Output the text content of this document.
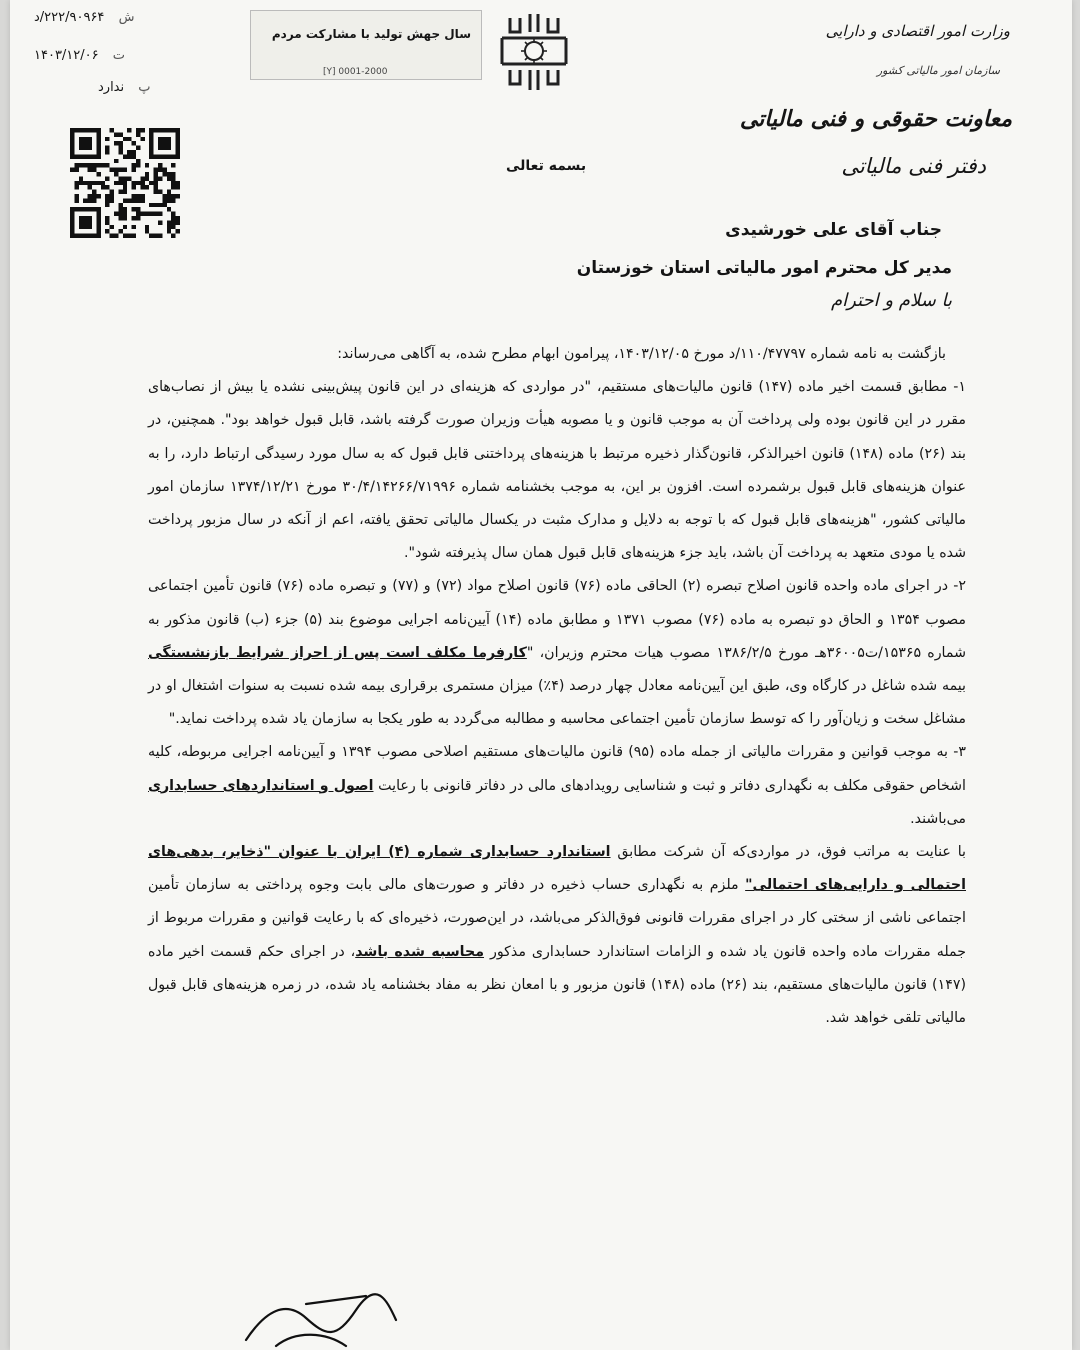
وزارت امور اقتصادی و دارایی
سازمان امور مالیاتی کشور
معاونت حقوقی و فنی مالیاتی
دفتر فنی مالیاتی
سال جهش تولید با مشارکت مردم
[Y] 0001-2000
ش ۲۲۲/۹۰۹۶۴/د
ت ۱۴۰۳/۱۲/۰۶
پ ندارد
بسمه تعالی
جناب آقای علی خورشیدی
مدیر کل محترم امور مالیاتی استان خوزستان
با سلام و احترام

بازگشت به نامه شماره ۱۱۰/۴۷۷۹۷/د مورخ ۱۴۰۳/۱۲/۰۵، پیرامون ابهام مطرح شده، به آگاهی می‌رساند:

۱- مطابق قسمت اخیر ماده (۱۴۷) قانون مالیات‌های مستقیم، "در مواردی که هزینه‌ای در این قانون پیش‌بینی نشده یا بیش از نصاب‌های مقرر در این قانون بوده ولی پرداخت آن به موجب قانون و یا مصوبه هیأت وزیران صورت گرفته باشد، قابل قبول خواهد بود". همچنین، در بند (۲۶) ماده (۱۴۸) قانون اخیرالذکر، قانون‌گذار ذخیره مرتبط با هزینه‌های پرداختنی قابل قبول که به سال مورد رسیدگی ارتباط دارد، را به عنوان هزینه‌های قابل قبول برشمرده است. افزون بر این، به موجب بخشنامه شماره ۳۰/۴/۱۴۲۶۶/۷۱۹۹۶ مورخ ۱۳۷۴/۱۲/۲۱ سازمان امور مالیاتی کشور، "هزینه‌های قابل قبول که با توجه به دلایل و مدارک مثبت در یکسال مالیاتی تحقق یافته، اعم از آنکه در سال مزبور پرداخت شده یا مودی متعهد به پرداخت آن باشد، باید جزء هزینه‌های قابل قبول همان سال پذیرفته شود".

۲- در اجرای ماده واحده قانون اصلاح تبصره (۲) الحاقی ماده (۷۶) قانون اصلاح مواد (۷۲) و (۷۷) و تبصره ماده (۷۶) قانون تأمین اجتماعی مصوب ۱۳۵۴ و الحاق دو تبصره به ماده (۷۶) مصوب ۱۳۷۱ و مطابق ماده (۱۴) آیین‌نامه اجرایی موضوع بند (۵) جزء (ب) قانون مذکور به شماره ۱۵۳۶۵/ت۳۶۰۰۵هـ مورخ ۱۳۸۶/۲/۵ مصوب هیات محترم وزیران، "کارفرما مکلف است پس از احراز شرایط بازنشستگی بیمه شده شاغل در کارگاه وی، طبق این آیین‌نامه معادل چهار درصد (۴٪) میزان مستمری برقراری بیمه شده نسبت به سنوات اشتغال او در مشاغل سخت و زیان‌آور را که توسط سازمان تأمین اجتماعی محاسبه و مطالبه می‌گردد به طور یکجا به سازمان یاد شده پرداخت نماید."

۳- به موجب قوانین و مقررات مالیاتی از جمله ماده (۹۵) قانون مالیات‌های مستقیم اصلاحی مصوب ۱۳۹۴ و آیین‌نامه اجرایی مربوطه، کلیه اشخاص حقوقی مکلف به نگهداری دفاتر و ثبت و شناسایی رویدادهای مالی در دفاتر قانونی با رعایت اصول و استانداردهای حسابداری می‌باشند.

با عنایت به مراتب فوق، در مواردی‌که آن شرکت مطابق استاندارد حسابداری شماره (۴) ایران با عنوان "ذخایر، بدهی‌های احتمالی و دارایی‌های احتمالی" ملزم به نگهداری حساب ذخیره در دفاتر و صورت‌های مالی بابت وجوه پرداختی به سازمان تأمین اجتماعی ناشی از سختی کار در اجرای مقررات قانونی فوق‌الذکر می‌باشد، در این‌صورت، ذخیره‌ای که با رعایت قوانین و مقررات مربوط از جمله مقررات ماده واحده قانون یاد شده و الزامات استاندارد حسابداری مذکور محاسبه شده باشد، در اجرای حکم قسمت اخیر ماده (۱۴۷) قانون مالیات‌های مستقیم، بند (۲۶) ماده (۱۴۸) قانون مزبور و با امعان نظر به مفاد بخشنامه یاد شده، در زمره هزینه‌های قابل قبول مالیاتی تلقی خواهد شد.
